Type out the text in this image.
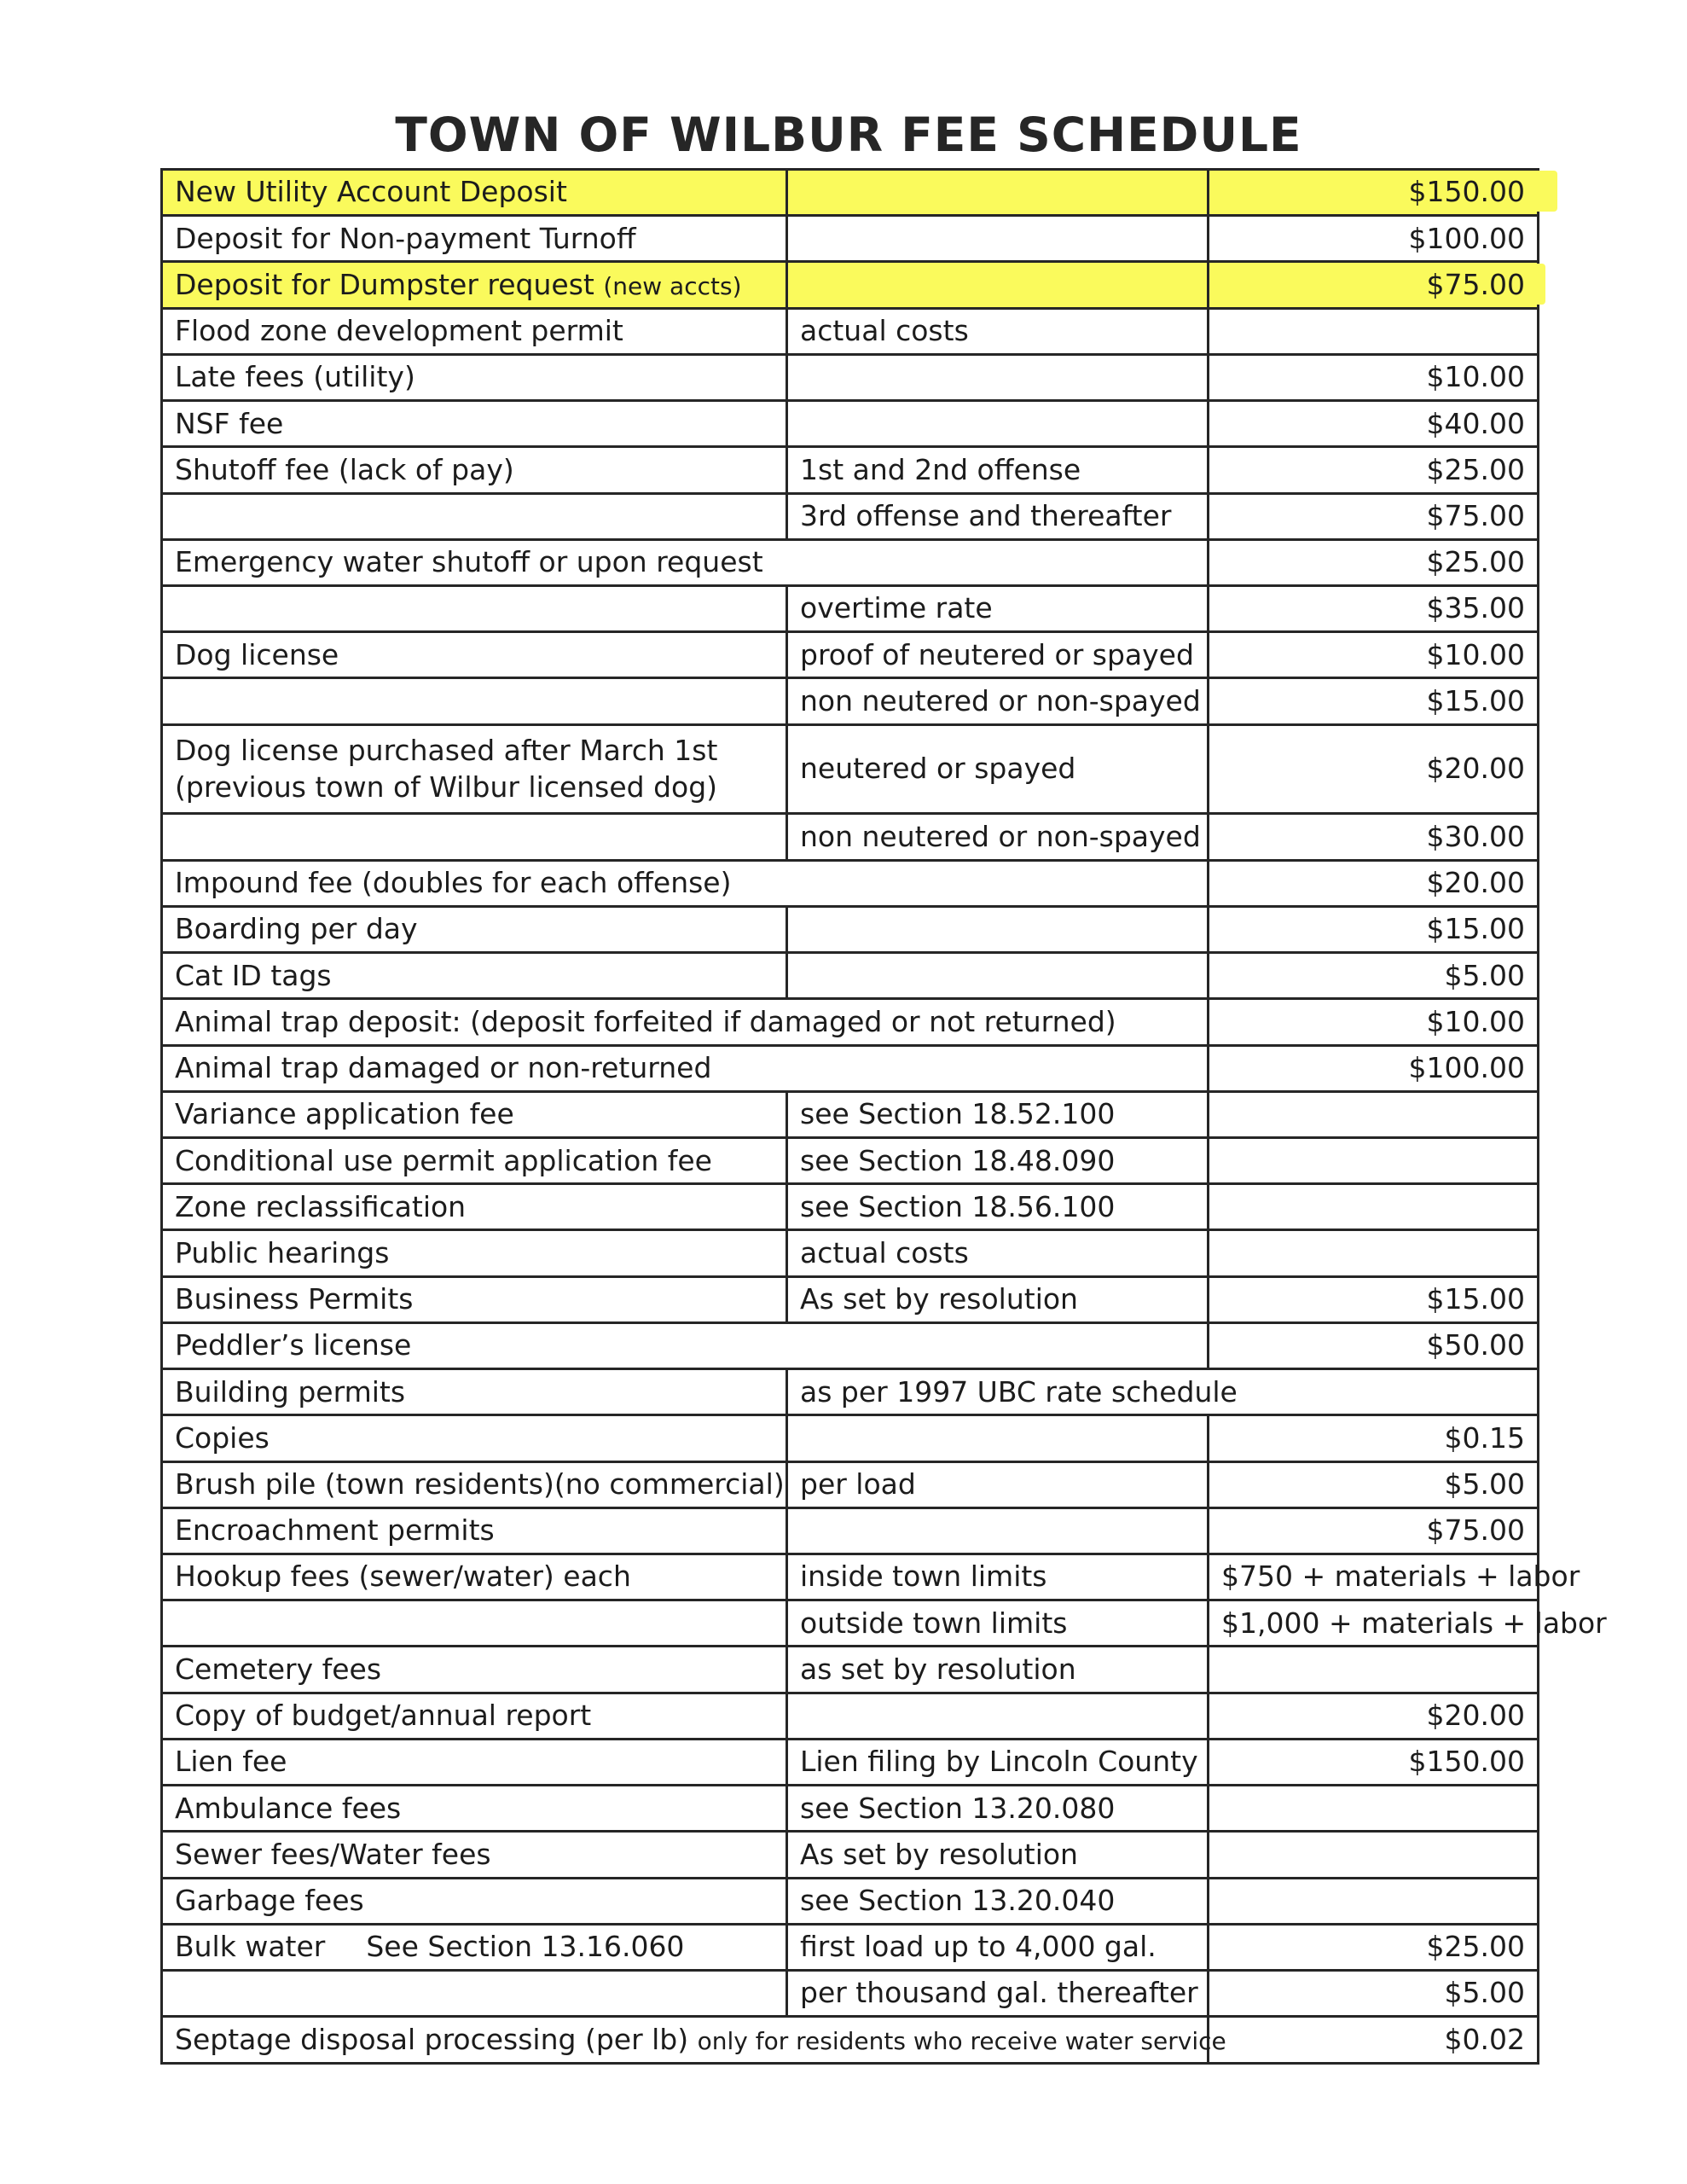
TOWN OF WILBUR FEE SCHEDULE
New Utility Account Deposit		$150.00
Deposit for Non-payment Turnoff		$100.00
Deposit for Dumpster request (new accts)		$75.00
Flood zone development permit	actual costs	
Late fees (utility)		$10.00
NSF fee		$40.00
Shutoff fee (lack of pay)	1st and 2nd offense	$25.00
	3rd offense and thereafter	$75.00
Emergency water shutoff or upon request		$25.00
	overtime rate	$35.00
Dog license	proof of neutered or spayed	$10.00
	non neutered or non-spayed	$15.00
Dog license purchased after March 1st
(previous town of Wilbur licensed dog)	neutered or spayed	$20.00
	non neutered or non-spayed	$30.00
Impound fee (doubles for each offense)		$20.00
Boarding per day		$15.00
Cat ID tags		$5.00
Animal trap deposit: (deposit forfeited if damaged or not returned)		$10.00
Animal trap damaged or non-returned		$100.00
Variance application fee	see Section 18.52.100	
Conditional use permit application fee	see Section 18.48.090	
Zone reclassification	see Section 18.56.100	
Public hearings	actual costs	
Business Permits	As set by resolution	$15.00
Peddler’s license		$50.00
Building permits	as per 1997 UBC rate schedule	
Copies		$0.15
Brush pile (town residents)(no commercial)	per load	$5.00
Encroachment permits		$75.00
Hookup fees (sewer/water) each	inside town limits	$750 + materials + labor
	outside town limits	$1,000 + materials + labor
Cemetery fees	as set by resolution	
Copy of budget/annual report		$20.00
Lien fee	Lien filing by Lincoln County	$150.00
Ambulance fees	see Section 13.20.080	
Sewer fees/Water fees	As set by resolution	
Garbage fees	see Section 13.20.040	
Bulk water See Section 13.16.060	first load up to 4,000 gal.	$25.00
	per thousand gal. thereafter	$5.00
Septage disposal processing (per lb) only for residents who receive water service		$0.02
